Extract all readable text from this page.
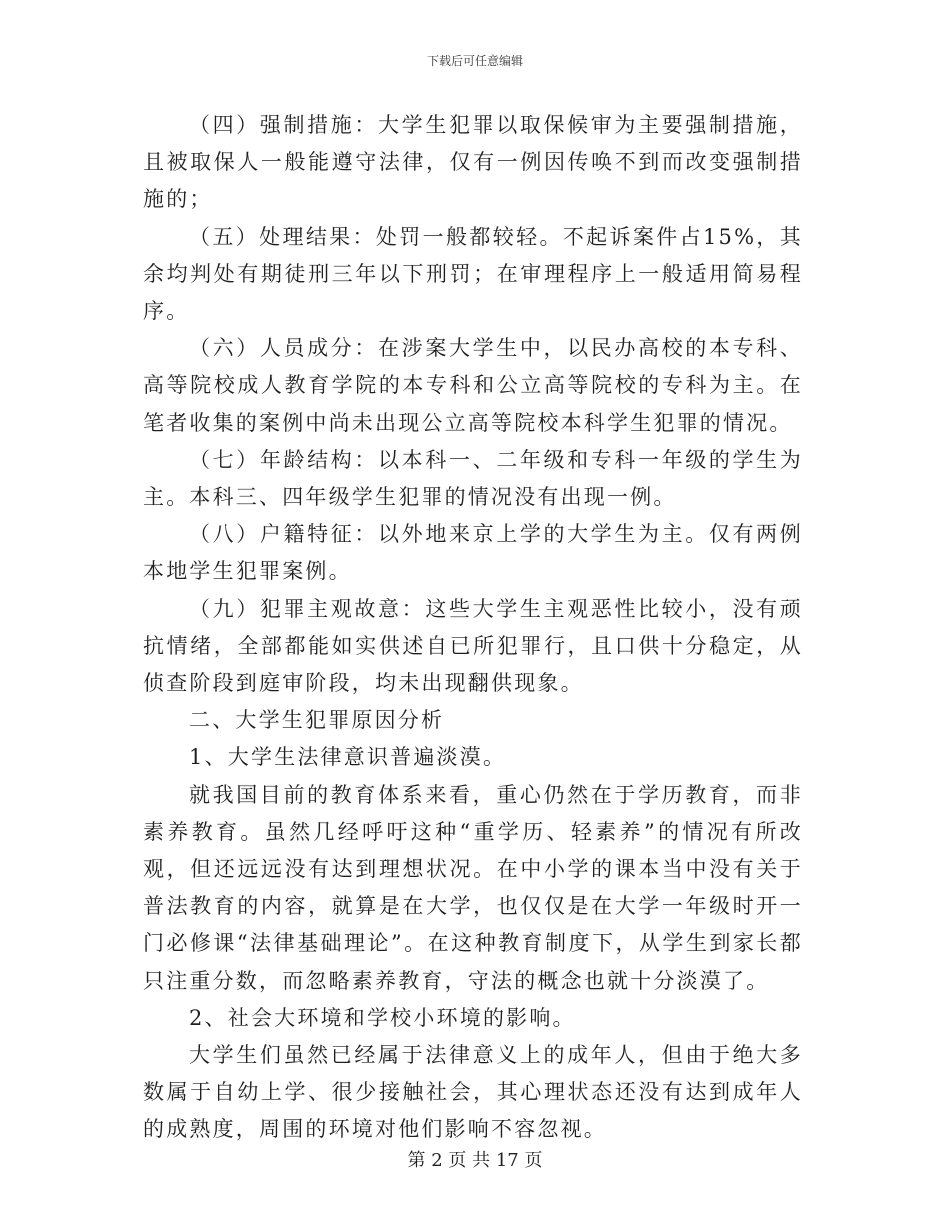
下载后可任意编辑

（四）强制措施：大学生犯罪以取保候审为主要强制措施，且被取保人一般能遵守法律，仅有一例因传唤不到而改变强制措施的；

（五）处理结果：处罚一般都较轻。不起诉案件占15%，其余均判处有期徒刑三年以下刑罚；在审理程序上一般适用简易程序。

（六）人员成分：在涉案大学生中，以民办高校的本专科、高等院校成人教育学院的本专科和公立高等院校的专科为主。在笔者收集的案例中尚未出现公立高等院校本科学生犯罪的情况。

（七）年龄结构：以本科一、二年级和专科一年级的学生为主。本科三、四年级学生犯罪的情况没有出现一例。

（八）户籍特征：以外地来京上学的大学生为主。仅有两例本地学生犯罪案例。

（九）犯罪主观故意：这些大学生主观恶性比较小，没有顽抗情绪，全部都能如实供述自已所犯罪行，且口供十分稳定，从侦查阶段到庭审阶段，均未出现翻供现象。

二、大学生犯罪原因分析

1、大学生法律意识普遍淡漠。

就我国目前的教育体系来看，重心仍然在于学历教育，而非素养教育。虽然几经呼吁这种“重学历、轻素养”的情况有所改观，但还远远没有达到理想状况。在中小学的课本当中没有关于普法教育的内容，就算是在大学，也仅仅是在大学一年级时开一门必修课“法律基础理论”。在这种教育制度下，从学生到家长都只注重分数，而忽略素养教育，守法的概念也就十分淡漠了。

2、社会大环境和学校小环境的影响。

大学生们虽然已经属于法律意义上的成年人，但由于绝大多数属于自幼上学、很少接触社会，其心理状态还没有达到成年人的成熟度，周围的环境对他们影响不容忽视。

第 2 页 共 17 页
